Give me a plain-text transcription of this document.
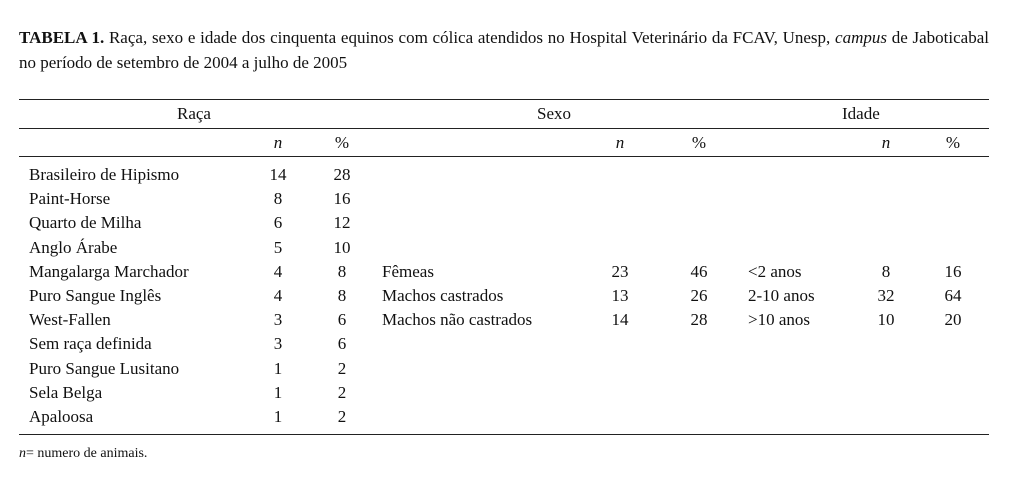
TABELA 1. Raça, sexo e idade dos cinquenta equinos com cólica atendidos no Hospital Veterinário da FCAV, Unesp, campus de Jaboticabal no período de setembro de 2004 a julho de 2005
Raça	Sexo	Idade
n	%	n	%	n	%
Brasileiro de Hipismo	14	28
Paint-Horse	8	16
Quarto de Milha	6	12
Anglo Árabe	5	10
Mangalarga Marchador	4	8	Fêmeas	23	46	<2 anos	8	16
Puro Sangue Inglês	4	8	Machos castrados	13	26	2-10 anos	32	64
West-Fallen	3	6	Machos não castrados	14	28	>10 anos	10	20
Sem raça definida	3	6
Puro Sangue Lusitano	1	2
Sela Belga	1	2
Apaloosa	1	2
n= numero de animais.
